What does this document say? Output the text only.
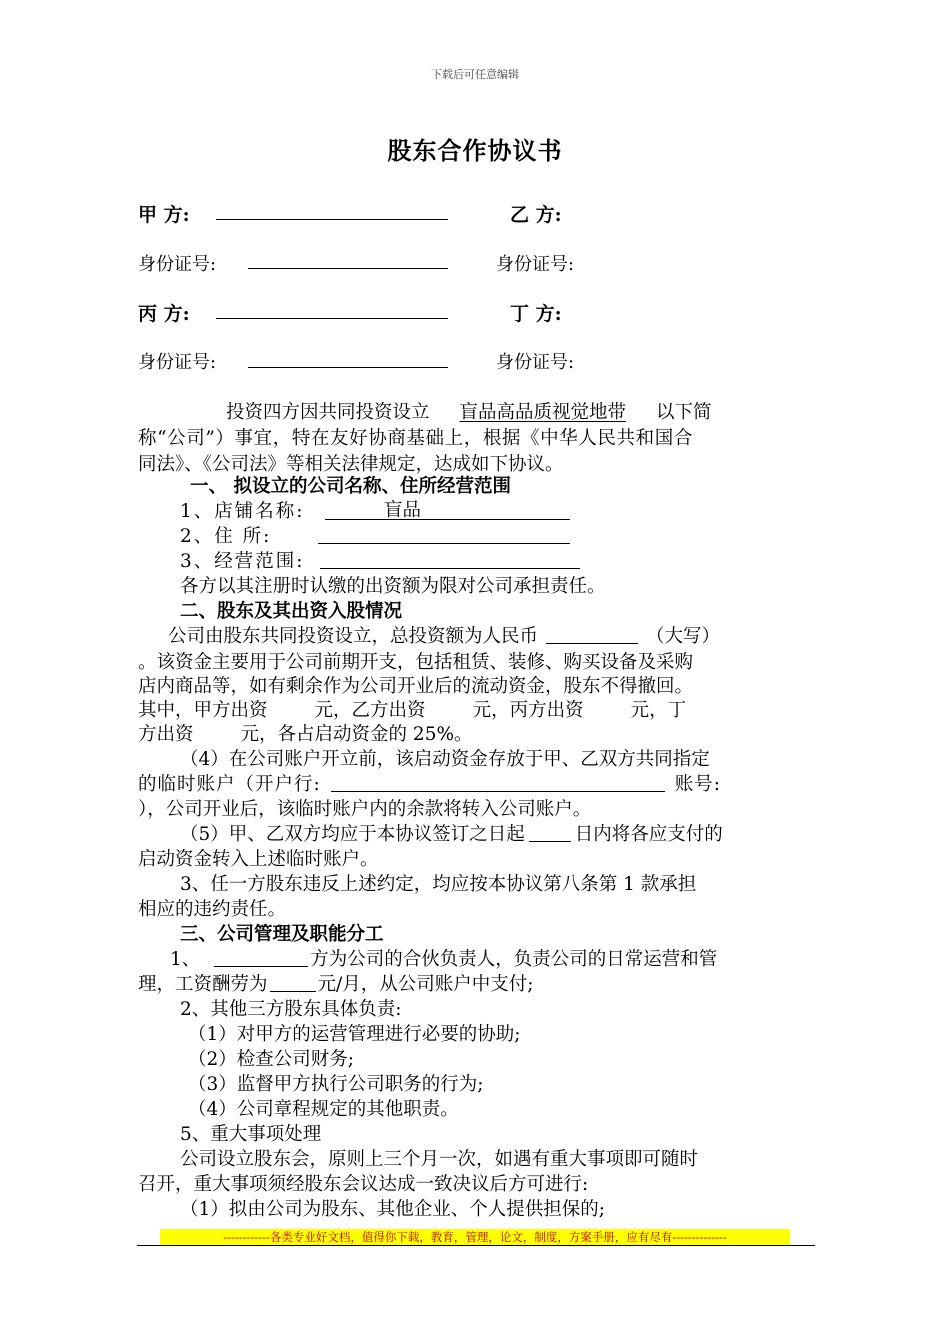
下载后可任意编辑
股东合作协议书
甲 方:	乙 方:
身份证号:	身份证号:
丙 方:	丁 方:
身份证号:	身份证号:
投资四方因共同投资设立 盲品高品质视觉地带 以下简
称“公司”）事宜，特在友好协商基础上，根据《中华人民共和国合
同法》、《公司法》等相关法律规定，达成如下协议。
一、 拟设立的公司名称、住所经营范围
1、店铺名称:	盲品
2、住 所:
3、经营范围:
各方以其注册时认缴的出资额为限对公司承担责任。
二、股东及其出资入股情况
公司由股东共同投资设立，总投资额为人民币	（大写）
。该资金主要用于公司前期开支，包括租赁、装修、购买设备及采购
店内商品等，如有剩余作为公司开业后的流动资金，股东不得撤回。
其中，甲方出资        元，乙方出资        元，丙方出资        元，丁
方出资        元，各占启动资金的 25%。
（4）在公司账户开立前，该启动资金存放于甲、乙双方共同指定
的临时账户（开户行:	账号:
），公司开业后，该临时账户内的余款将转入公司账户。
（5）甲、乙双方均应于本协议签订之日起	日内将各应支付的
启动资金转入上述临时账户。
3、任一方股东违反上述约定，均应按本协议第八条第 1 款承担
相应的违约责任。
三、公司管理及职能分工
1、	方为公司的合伙负责人，负责公司的日常运营和管
理，工资酬劳为	元/月，从公司账户中支付;
2、其他三方股东具体负责:
（1）对甲方的运营管理进行必要的协助;
（2）检查公司财务;
（3）监督甲方执行公司职务的行为;
（4）公司章程规定的其他职责。
5、重大事项处理
公司设立股东会，原则上三个月一次，如遇有重大事项即可随时
召开，重大事项须经股东会议达成一致决议后方可进行:
（1）拟由公司为股东、其他企业、个人提供担保的;
------------各类专业好文档，值得你下载，教育，管理，论文，制度，方案手册，应有尽有--------------
